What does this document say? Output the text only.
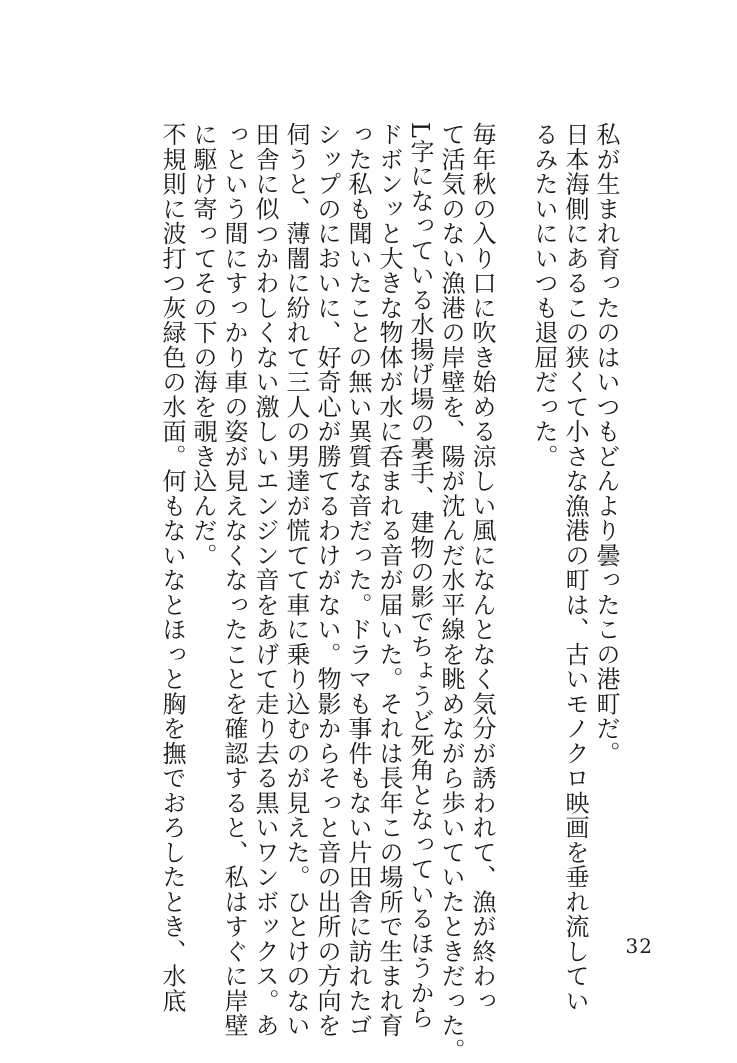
私が生まれ育ったのはいつもどんより曇ったこの港町だ。
日本海側にあるこの狭くて小さな漁港の町は、古いモノクロ映画を垂れ流してい
るみたいにいつも退屈だった。
毎年秋の入り口に吹き始める涼しい風になんとなく気分が誘われて、漁が終わっ
て活気のない漁港の岸壁を、陽が沈んだ水平線を眺めながら歩いていたときだった。
L字になっている水揚げ場の裏手、建物の影でちょうど死角となっているほうから
ドボンッと大きな物体が水に呑まれる音が届いた。それは長年この場所で生まれ育
った私も聞いたことの無い異質な音だった。ドラマも事件もない片田舎に訪れたゴ
シップのにおいに、好奇心が勝てるわけがない。物影からそっと音の出所の方向を
伺うと、薄闇に紛れて三人の男達が慌てて車に乗り込むのが見えた。ひとけのない
田舎に似つかわしくない激しいエンジン音をあげて走り去る黒いワンボックス。あ
っという間にすっかり車の姿が見えなくなったことを確認すると、私はすぐに岸壁
に駆け寄ってその下の海を覗き込んだ。
不規則に波打つ灰緑色の水面。何もないなとほっと胸を撫でおろしたとき、水底	32
